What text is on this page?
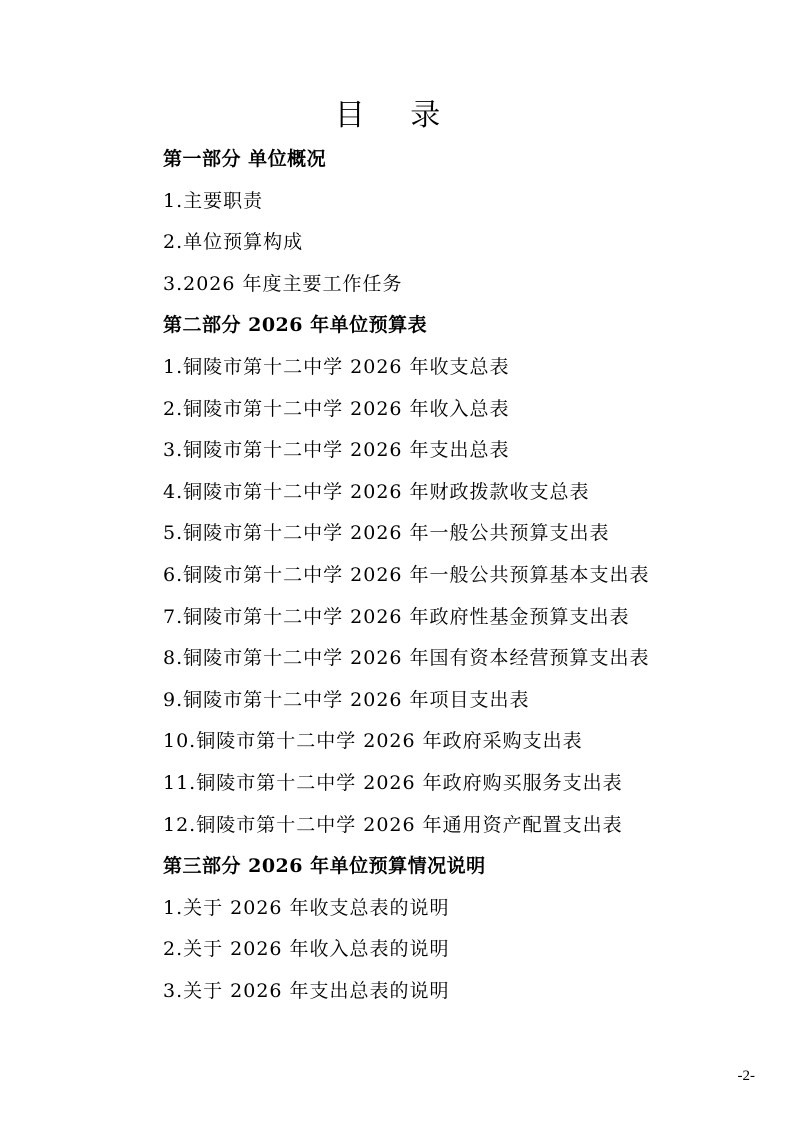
目 录
第一部分 单位概况
1.主要职责
2.单位预算构成
3.2026 年度主要工作任务
第二部分 2026 年单位预算表
1.铜陵市第十二中学 2026 年收支总表
2.铜陵市第十二中学 2026 年收入总表
3.铜陵市第十二中学 2026 年支出总表
4.铜陵市第十二中学 2026 年财政拨款收支总表
5.铜陵市第十二中学 2026 年一般公共预算支出表
6.铜陵市第十二中学 2026 年一般公共预算基本支出表
7.铜陵市第十二中学 2026 年政府性基金预算支出表
8.铜陵市第十二中学 2026 年国有资本经营预算支出表
9.铜陵市第十二中学 2026 年项目支出表
10.铜陵市第十二中学 2026 年政府采购支出表
11.铜陵市第十二中学 2026 年政府购买服务支出表
12.铜陵市第十二中学 2026 年通用资产配置支出表
第三部分 2026 年单位预算情况说明
1.关于 2026 年收支总表的说明
2.关于 2026 年收入总表的说明
3.关于 2026 年支出总表的说明
-2-
